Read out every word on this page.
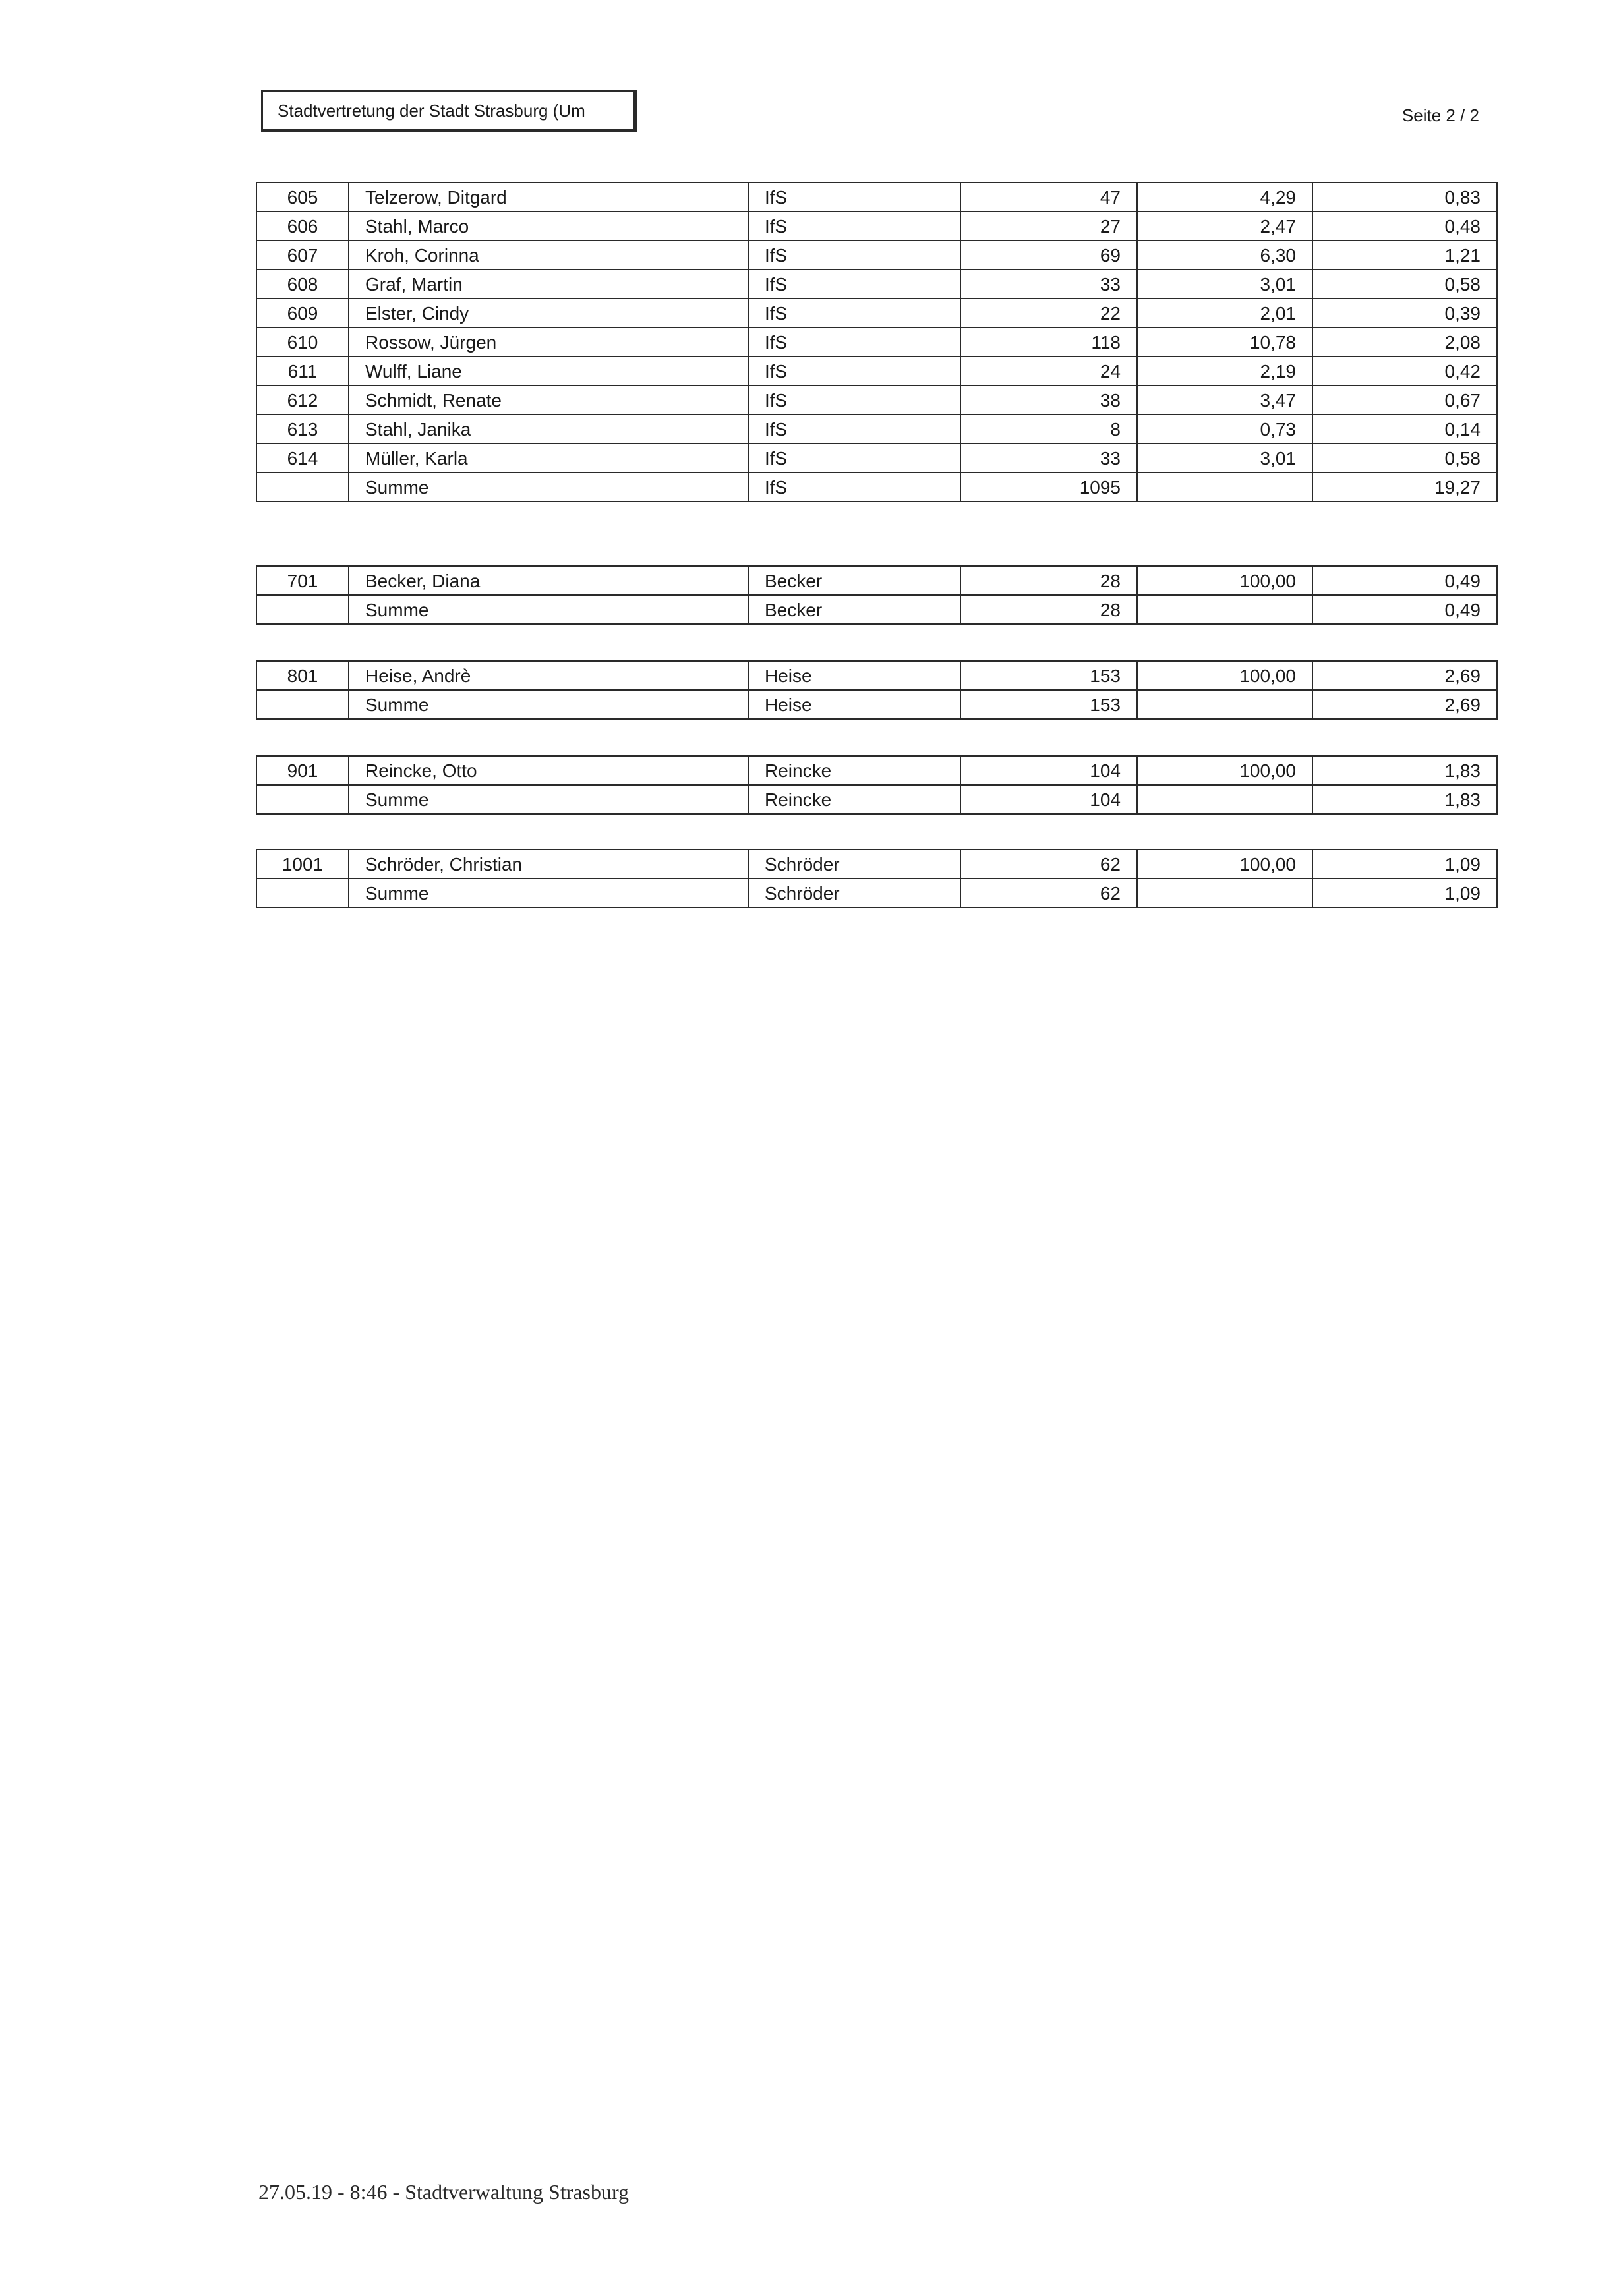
Stadtvertretung der Stadt Strasburg (Um	Seite 2 / 2
605	Telzerow, Ditgard	IfS	47	4,29	0,83
606	Stahl, Marco	IfS	27	2,47	0,48
607	Kroh, Corinna	IfS	69	6,30	1,21
608	Graf, Martin	IfS	33	3,01	0,58
609	Elster, Cindy	IfS	22	2,01	0,39
610	Rossow, Jürgen	IfS	118	10,78	2,08
611	Wulff, Liane	IfS	24	2,19	0,42
612	Schmidt, Renate	IfS	38	3,47	0,67
613	Stahl, Janika	IfS	8	0,73	0,14
614	Müller, Karla	IfS	33	3,01	0,58
	Summe	IfS	1095		19,27
701	Becker, Diana	Becker	28	100,00	0,49
	Summe	Becker	28		0,49
801	Heise, Andrè	Heise	153	100,00	2,69
	Summe	Heise	153		2,69
901	Reincke, Otto	Reincke	104	100,00	1,83
	Summe	Reincke	104		1,83
1001	Schröder, Christian	Schröder	62	100,00	1,09
	Summe	Schröder	62		1,09
27.05.19 - 8:46 - Stadtverwaltung Strasburg
